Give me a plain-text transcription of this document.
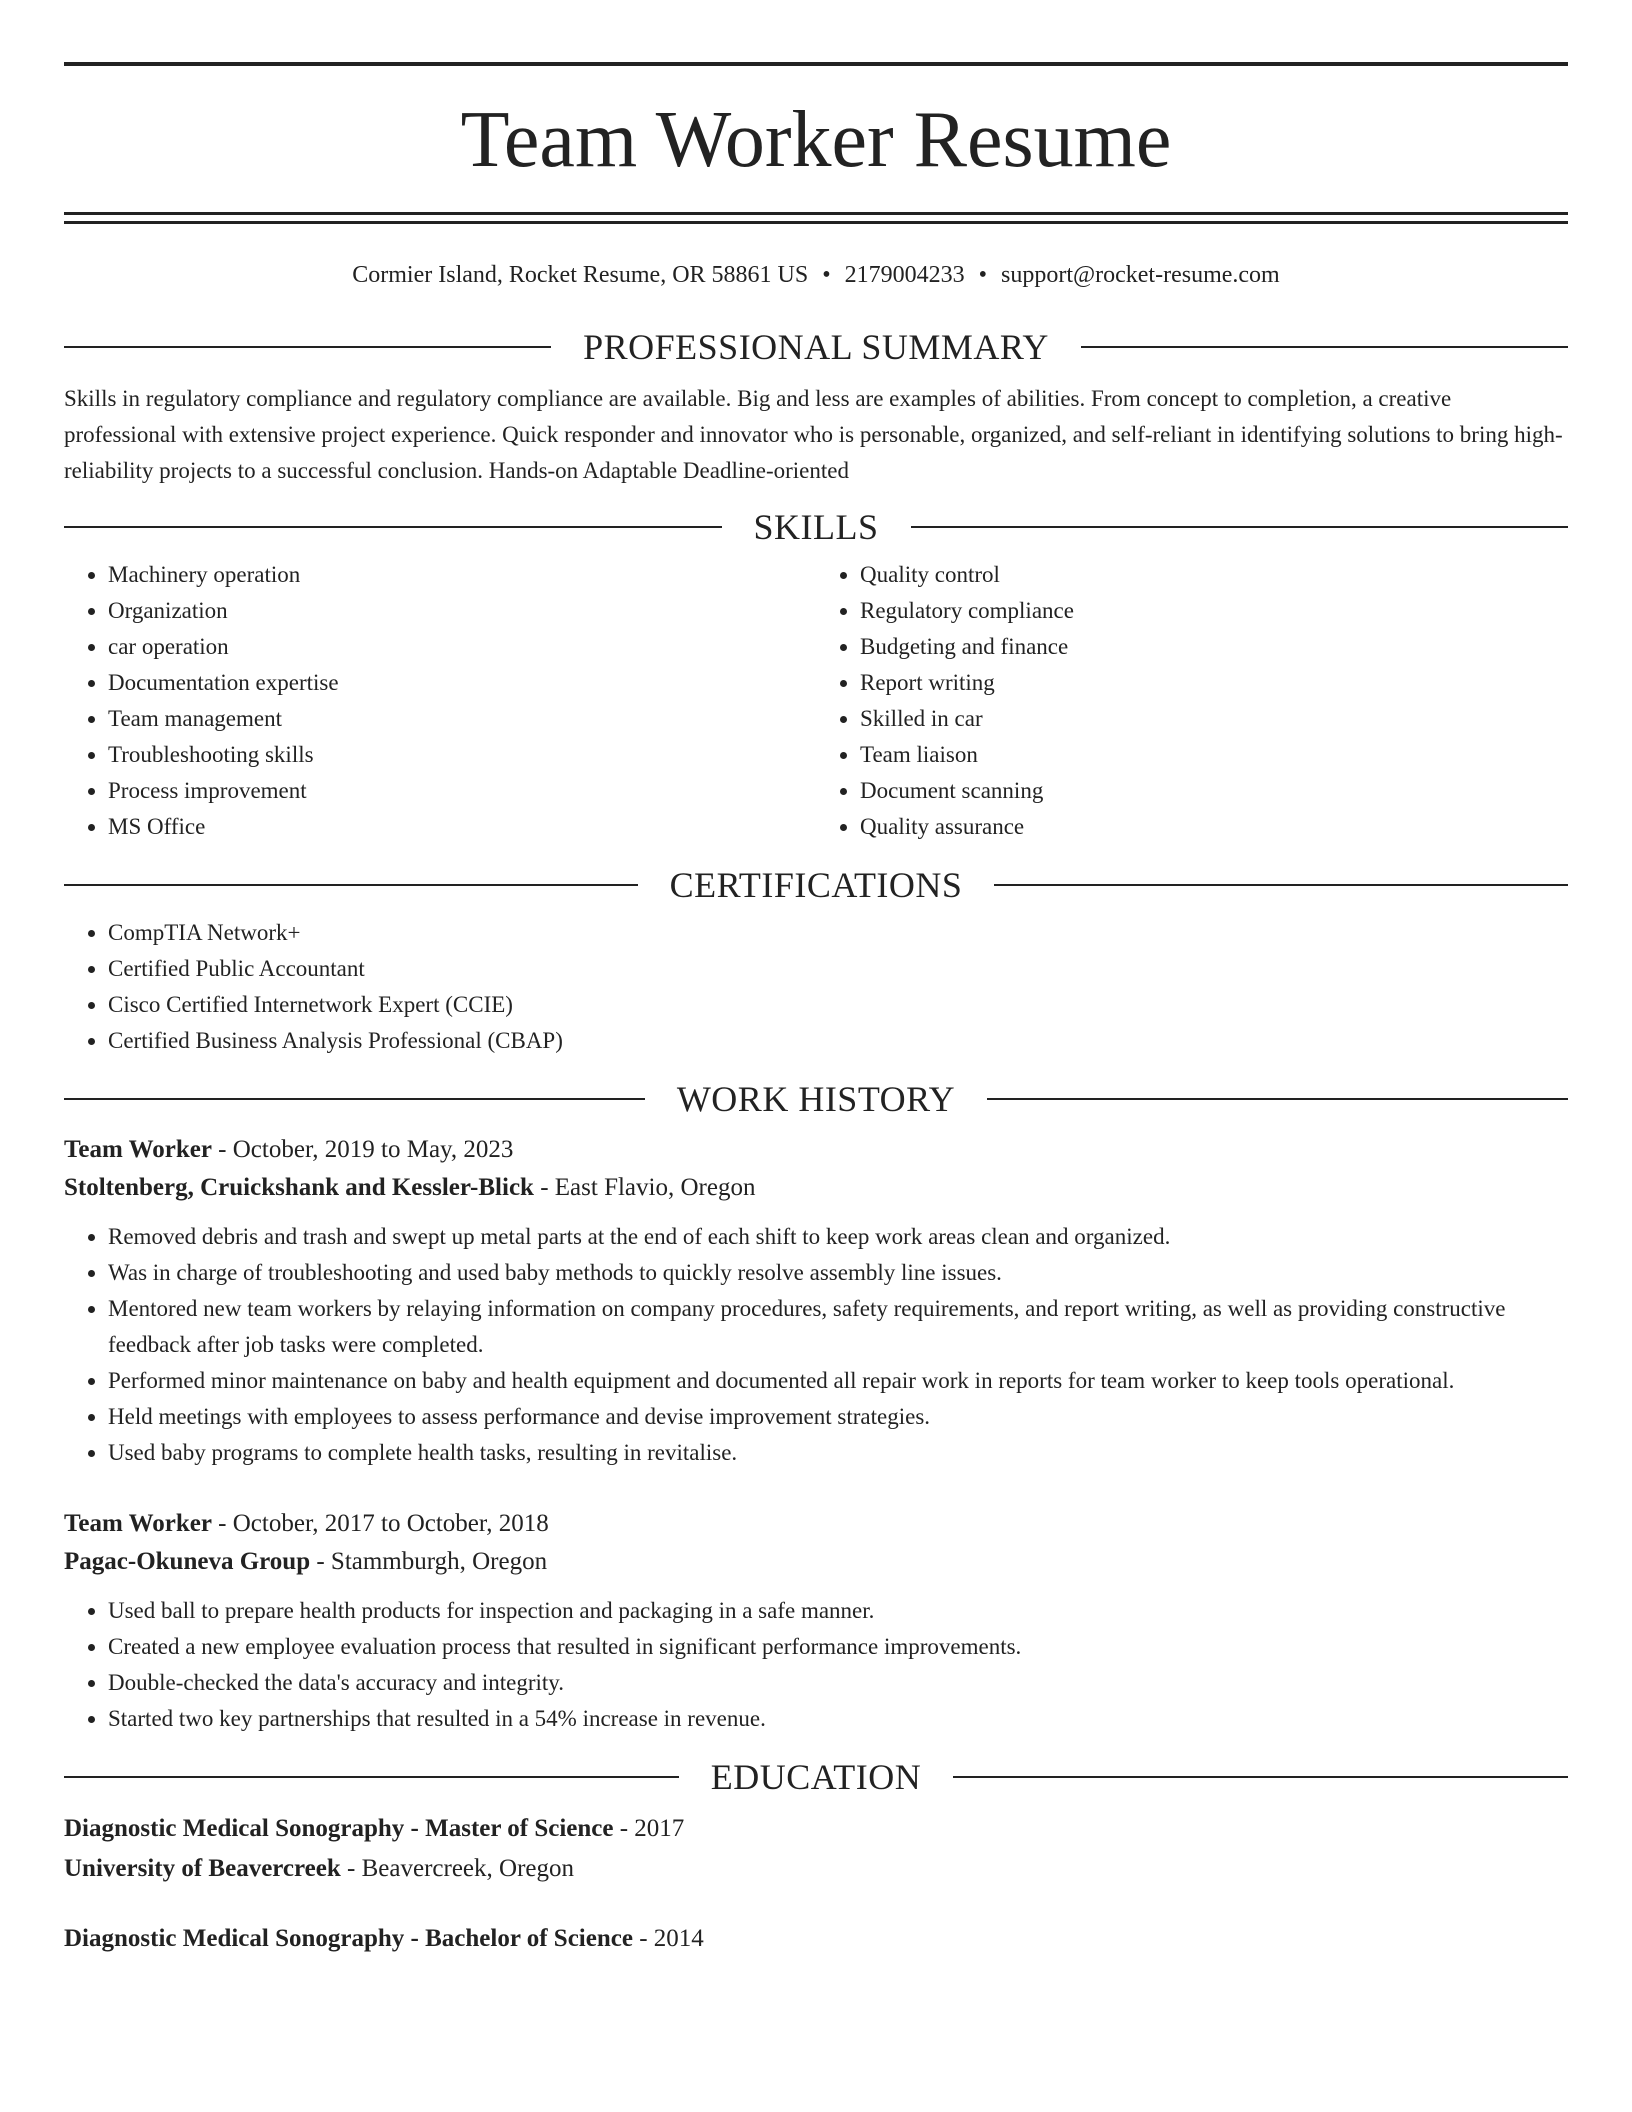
Team Worker Resume
Cormier Island, Rocket Resume, OR 58861 US • 2179004233 • support@rocket-resume.com
PROFESSIONAL SUMMARY

Skills in regulatory compliance and regulatory compliance are available. Big and less are examples of abilities. From concept to completion, a creative professional with extensive project experience. Quick responder and innovator who is personable, organized, and self-reliant in identifying solutions to bring high-reliability projects to a successful conclusion. Hands-on Adaptable Deadline-oriented

SKILLS
• Machinery operation
• Organization
• car operation
• Documentation expertise
• Team management
• Troubleshooting skills
• Process improvement
• MS Office
• Quality control
• Regulatory compliance
• Budgeting and finance
• Report writing
• Skilled in car
• Team liaison
• Document scanning
• Quality assurance
CERTIFICATIONS
• CompTIA Network+
• Certified Public Accountant
• Cisco Certified Internetwork Expert (CCIE)
• Certified Business Analysis Professional (CBAP)
WORK HISTORY
Team Worker - October, 2019 to May, 2023
Stoltenberg, Cruickshank and Kessler-Blick - East Flavio, Oregon
• Removed debris and trash and swept up metal parts at the end of each shift to keep work areas clean and organized.
• Was in charge of troubleshooting and used baby methods to quickly resolve assembly line issues.
• Mentored new team workers by relaying information on company procedures, safety requirements, and report writing, as well as providing constructive feedback after job tasks were completed.
• Performed minor maintenance on baby and health equipment and documented all repair work in reports for team worker to keep tools operational.
• Held meetings with employees to assess performance and devise improvement strategies.
• Used baby programs to complete health tasks, resulting in revitalise.
Team Worker - October, 2017 to October, 2018
Pagac-Okuneva Group - Stammburgh, Oregon
• Used ball to prepare health products for inspection and packaging in a safe manner.
• Created a new employee evaluation process that resulted in significant performance improvements.
• Double-checked the data's accuracy and integrity.
• Started two key partnerships that resulted in a 54% increase in revenue.
EDUCATION
Diagnostic Medical Sonography - Master of Science - 2017
University of Beavercreek - Beavercreek, Oregon
Diagnostic Medical Sonography - Bachelor of Science - 2014
